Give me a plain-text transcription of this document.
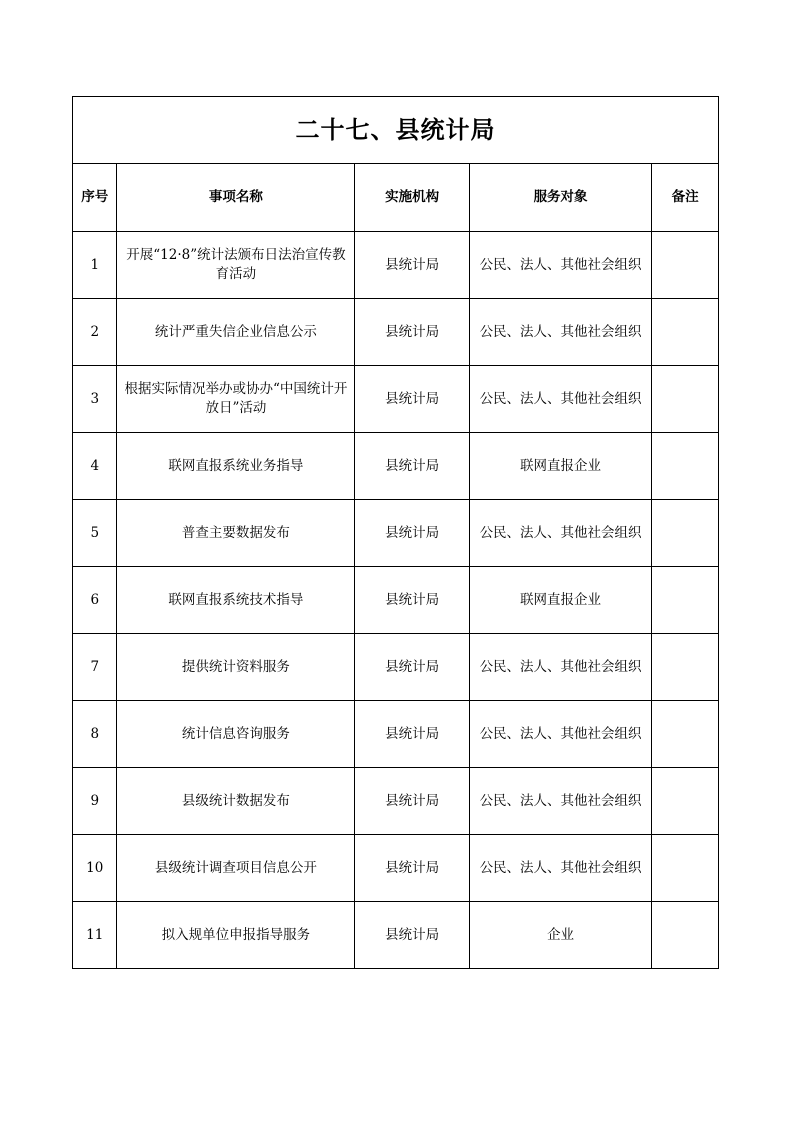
二十七、县统计局				
序号	事项名称	实施机构	服务对象	备注
1	开展“12·8”统计法颁布日法治宣传教育活动	县统计局	公民、法人、其他社会组织	
2	统计严重失信企业信息公示	县统计局	公民、法人、其他社会组织	
3	根据实际情况举办或协办“中国统计开放日”活动	县统计局	公民、法人、其他社会组织	
4	联网直报系统业务指导	县统计局	联网直报企业	
5	普查主要数据发布	县统计局	公民、法人、其他社会组织	
6	联网直报系统技术指导	县统计局	联网直报企业	
7	提供统计资料服务	县统计局	公民、法人、其他社会组织	
8	统计信息咨询服务	县统计局	公民、法人、其他社会组织	
9	县级统计数据发布	县统计局	公民、法人、其他社会组织	
10	县级统计调查项目信息公开	县统计局	公民、法人、其他社会组织	
11	拟入规单位申报指导服务	县统计局	企业	
